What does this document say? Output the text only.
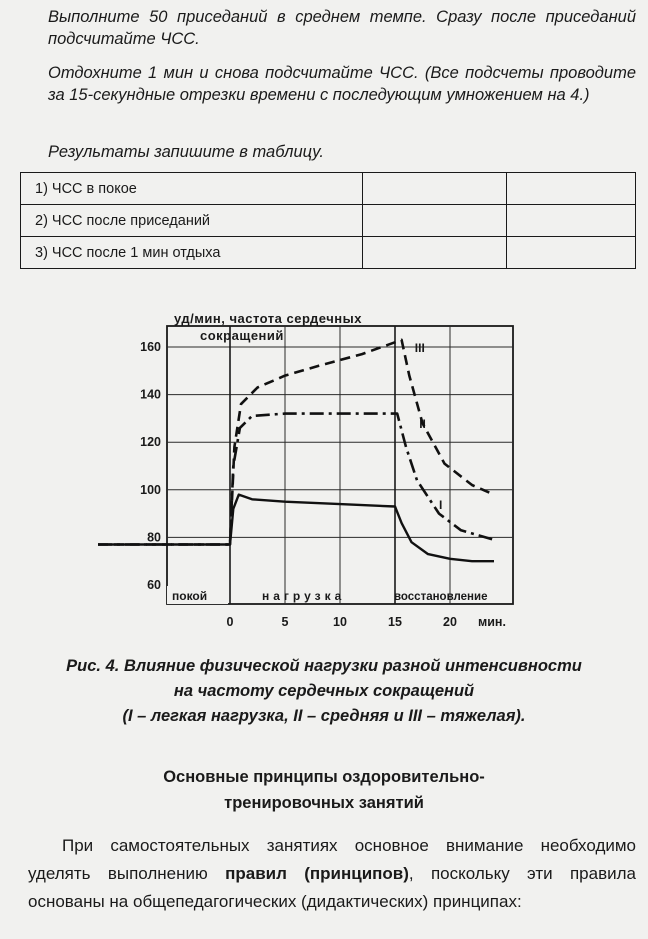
Выполните 50 приседаний в среднем темпе. Сразу после приседаний подсчитайте ЧСС.

Отдохните 1 мин и снова подсчитайте ЧСС. (Все подсчеты проводите за 15-секундные отрезки времени с последующим умножением на 4.)

Результаты запишите в таблицу.

1) ЧСС в покое		
2) ЧСС после приседаний		
3) ЧСС после 1 мин отдыха		
I
II
III
60
80
100
120
140
160
0	5	10	15	20
уд/мин, частота сердечных
сокращений
мин.
покой	нагрузка	восстановление

Рис. 4. Влияние физической нагрузки разной интенсивности

на частоту сердечных сокращений

(I – легкая нагрузка, II – средняя и III – тяжелая).

Основные принципы оздоровительно-

тренировочных занятий

При самостоятельных занятиях основное внимание необходимо уделять выполнению правил (принципов), поскольку эти правила основаны на общепедагогических (дидактических) принципах:
